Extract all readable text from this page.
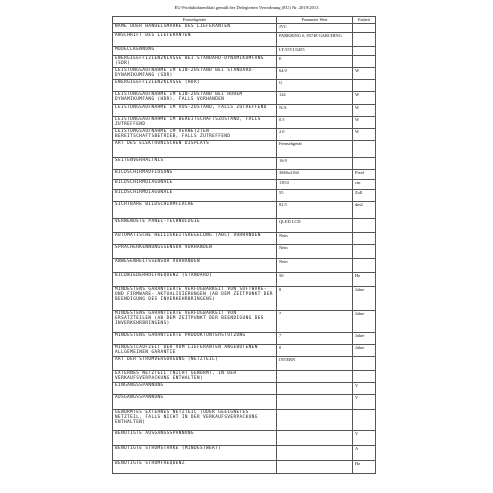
EU-Produktdatenblatt gemäß der Delegierten Verordnung (EU) Nr. 2019/2013
Fernsehgeräte	Parameter Wert	Einheit
NAME ODER HANDELSMARKE DES LIEFERANTEN	JVC	
ANSCHRIFT DES LIEFERANTEN	PARKRING 6, 85748 GARCHING	
MODELLKENNUNG	LT-55VU3455	
ENERGIEEFFIZIENZKLASSE BEI STANDARD-DYNAMIKUMFANG (SDR)	E	
LEISTUNGSAUFNAHME IM EIN-ZUSTAND BEI STANDARD- DYNAMIKUMFANG (SDR)	64.9	W
ENERGIEEFFIZIENZKLASSE (HDR)	G	
LEISTUNGSAUFNAHME IM EIN-ZUSTAND BEI HOHEM DYNAMIKUMFANG (HDR), FALLS VORHANDEN	124	W
LEISTUNGSAUFNAHME IM AUS-ZUSTAND, FALLS ZUTREFFEND	N/A	W
LEISTUNGSAUFNAHME IM BEREITSCHAFTSZUSTAND, FALLS ZUTREFFEND	0.5	W
LEISTUNGSAUFNAHME IM VERNETZTEN BEREITSCHAFTSBETRIEB, FALLS ZUTREFFEND	2.0	W
ART DES ELEKTRONISCHEN DISPLAYS	Fernsehgerät	
SEITENVERHÄLTNIS	16:9	
BILDSCHIRMAUFLÖSUNG	3840x2160	Pixel
BILDSCHIRMDIAGONALE	139.0	cm
BILDSCHIRMDIAGONALE	55	Zoll
SICHTBARE BILDSCHIRMFLÄCHE	82.5	dm2
VERWENDETE PANEL-TECHNOLOGIE	QLED LCD	
AUTOMATISCHE HELLIGKEITSREGELUNG (ABC) VORHANDEN	Nein	
SPRACHERKENNUNGSSENSOR VORHANDEN	Nein	
ANWESENHEITSSENSOR VORHANDEN	Nein	
BILDWIEDERHOLFREQUENZ (STANDARD)	50	Hz
MINDESTENS GARANTIERTE VERFÜGBARKEIT VON SOFTWARE- UND FIRMWARE- AKTUALISIERUNGEN (AB DEM ZEITPUNKT DER BEENDIGUNG DES INVERKEHRBRINGENS)	8	Jahre
MINDESTENS GARANTIERTE VERFÜGBARKEIT VON ERSATZTEILEN (AB DEM ZEITPUNKT DER BEENDIGUNG DES INVERKEHRBRINGENS)	7	Jahre
MINDESTENS GARANTIERTE PRODUKTUNTERSTÜTZUNG	7	Jahre
MINDESTLAUFZEIT DER VOM LIEFERANTEN ANGEBOTENEN ALLGEMEINEN GARANTIE	0	Jahre
ART DER STROMVERSORGUNG (NETZTEIL)	INTERN	
EXTERNES NETZTEIL (NICHT GENORMT, IN DER VERKAUFSVERPACKUNG ENTHALTEN)		
EINGANGSSPANNUNG		V
AUSGANGSSPANNUNG		V
GENORMTES EXTERNES NETZTEIL (ODER GEEIGNETES NETZTEIL, FALLS NICHT IN DER VERKAUFSVERPACKUNG ENTHALTEN)		
BENÖTIGTE AUSGANGSSPANNUNG		V
BENÖTIGTE STROMSTÄRKE (MINDESTWERT)		A
BENÖTIGTE STROMFREQUENZ		Hz
